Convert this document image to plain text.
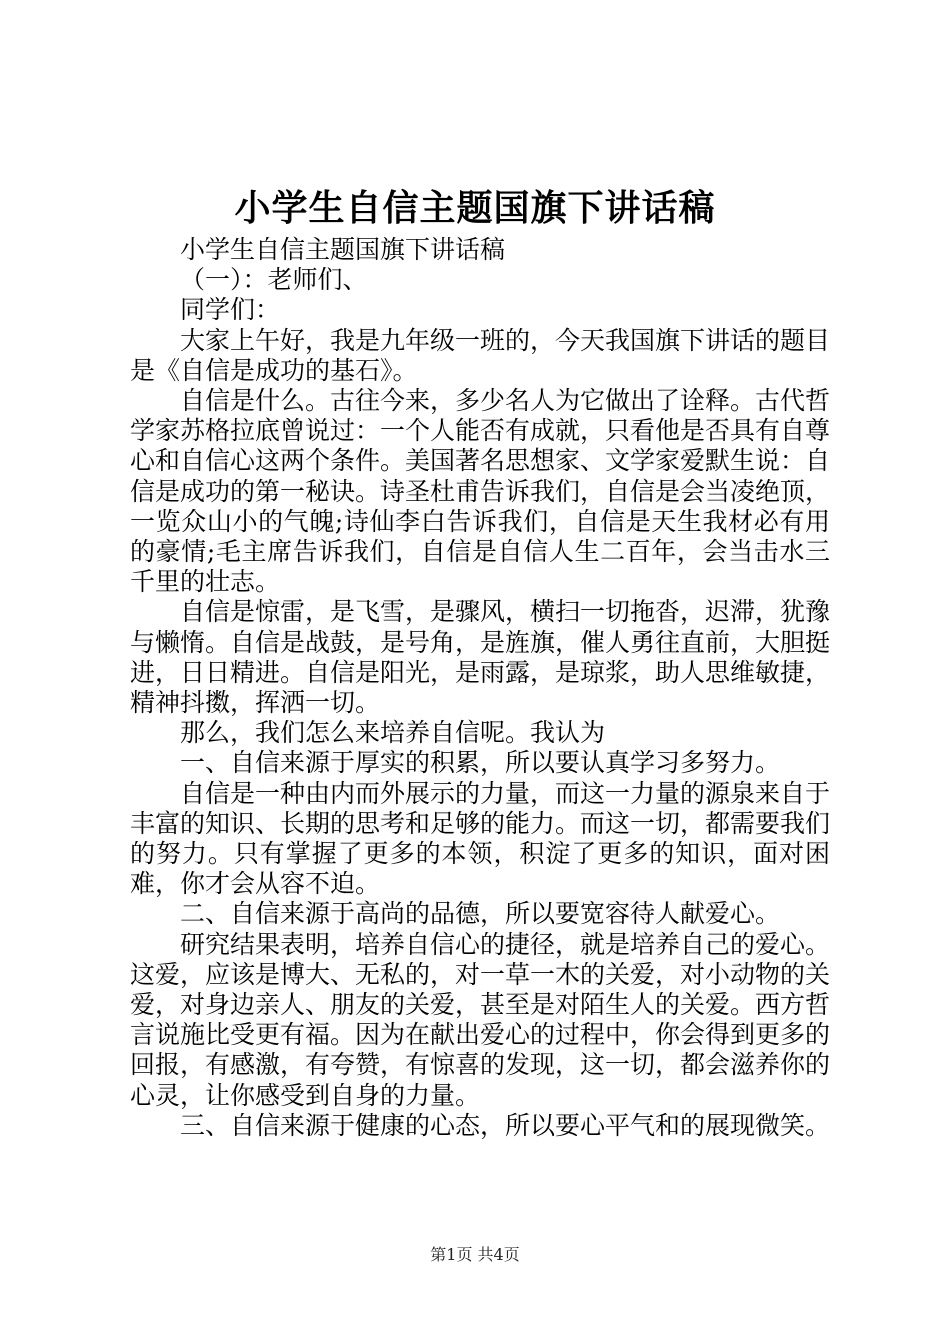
小学生自信主题国旗下讲话稿

小学生自信主题国旗下讲话稿

（一）：老师们、

同学们：

大家上午好，我是九年级一班的，今天我国旗下讲话的题目是《自信是成功的基石》。

自信是什么。古往今来，多少名人为它做出了诠释。古代哲学家苏格拉底曾说过：一个人能否有成就，只看他是否具有自尊心和自信心这两个条件。美国著名思想家、文学家爱默生说：自信是成功的第一秘诀。诗圣杜甫告诉我们，自信是会当凌绝顶，一览众山小的气魄;诗仙李白告诉我们，自信是天生我材必有用的豪情;毛主席告诉我们，自信是自信人生二百年，会当击水三千里的壮志。

自信是惊雷，是飞雪，是骤风，横扫一切拖沓，迟滞，犹豫与懒惰。自信是战鼓，是号角，是旌旗，催人勇往直前，大胆挺进，日日精进。自信是阳光，是雨露，是琼浆，助人思维敏捷，精神抖擞，挥洒一切。

那么，我们怎么来培养自信呢。我认为

一、自信来源于厚实的积累，所以要认真学习多努力。

自信是一种由内而外展示的力量，而这一力量的源泉来自于丰富的知识、长期的思考和足够的能力。而这一切，都需要我们的努力。只有掌握了更多的本领，积淀了更多的知识，面对困难，你才会从容不迫。

二、自信来源于高尚的品德，所以要宽容待人献爱心。

研究结果表明，培养自信心的捷径，就是培养自己的爱心。这爱，应该是博大、无私的，对一草一木的关爱，对小动物的关爱，对身边亲人、朋友的关爱，甚至是对陌生人的关爱。西方哲言说施比受更有福。因为在献出爱心的过程中，你会得到更多的回报，有感激，有夸赞，有惊喜的发现，这一切，都会滋养你的心灵，让你感受到自身的力量。

三、自信来源于健康的心态，所以要心平气和的展现微笑。

第1页 共4页
